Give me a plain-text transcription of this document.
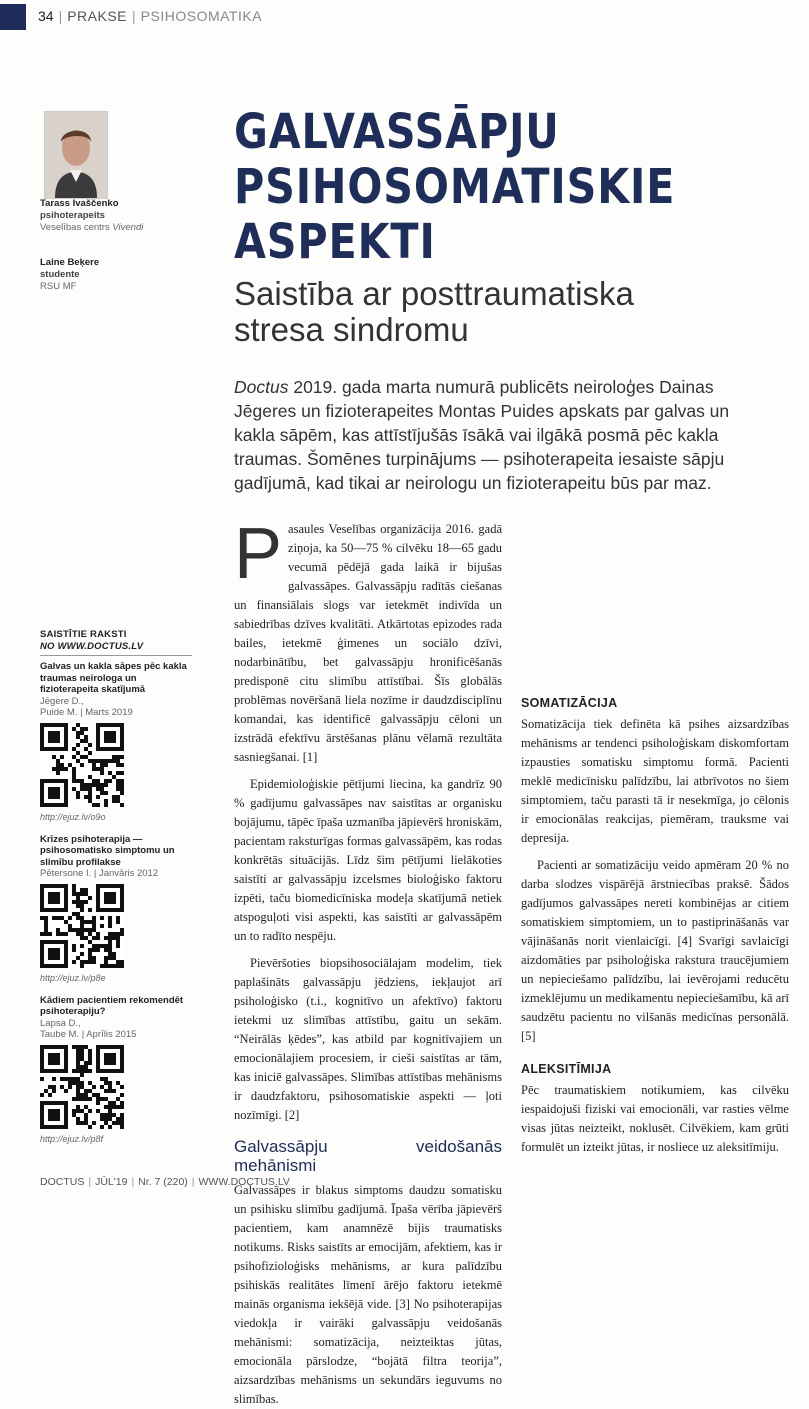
34 | PRAKSE | PSIHOSOMATIKA
Tarass Ivaščenko
psihoterapeits
Veselības centrs Vivendi
Laine Beķere
studente
RSU MF
GALVASSĀPJU
PSIHOSOMATISKIE
ASPEKTI
Saistība ar posttraumatiska
stresa sindromu
Doctus 2019. gada marta numurā publicēts neiroloģes Dainas Jēgeres un fizioterapeites Montas Puides apskats par galvas un kakla sāpēm, kas attīstījušās īsākā vai ilgākā posmā pēc kakla traumas. Šomēnes turpinājums — psihoterapeita iesaiste sāpju gadījumā, kad tikai ar neirologu un fizioterapeitu būs par maz.

Pasaules Veselības organizācija 2016. gadā ziņoja, ka 50—75 % cilvēku 18—65 gadu vecumā pēdējā gada laikā ir bijušas galvassāpes. Galvassāpju radītās ciešanas un finansiālais slogs var ietekmēt indivīda un sabiedrības dzīves kvalitāti. Atkārtotas epizodes rada bailes, ietekmē ģimenes un sociālo dzīvi, nodarbinātību, bet galvassāpju hronificēšanās predisponē citu slimību attīstībai. Šīs globālās problēmas novēršanā liela nozīme ir daudzdisciplīnu komandai, kas identificē galvassāpju cēloni un izstrādā efektīvu ārstēšanas plānu vēlamā rezultāta sasniegšanai. [1]

Epidemioloģiskie pētījumi liecina, ka gandrīz 90 % gadījumu galvassāpes nav saistītas ar organisku bojājumu, tāpēc īpaša uzmanība jāpievērš hroniskām, pacientam raksturīgas formas galvassāpēm, kas rodas konkrētās situācijās. Līdz šim pētījumi lielākoties saistīti ar galvassāpju izcelsmes bioloģisko faktoru izpēti, taču biomedicīniska modeļa skatījumā netiek atspoguļoti visi aspekti, kas saistīti ar galvassāpēm un to radīto nespēju.

Pievēršoties biopsihosociālajam modelim, tiek paplašināts galvassāpju jēdziens, iekļaujot arī psiholoģisko (t.i., kognitīvo un afektīvo) faktoru ietekmi uz slimības attīstību, gaitu un sekām. “Neirālās ķēdes”, kas atbild par kognitīvajiem un emocionālajiem procesiem, ir cieši saistītas ar tām, kas iniciē galvassāpes. Slimības attīstības mehānisms ir daudzfaktoru, psihosomatiskie aspekti — ļoti nozīmīgi. [2]

Galvassāpju veidošanās mehānismi

Galvassāpes ir blakus simptoms daudzu somatisku un psihisku slimību gadījumā. Īpaša vērība jāpievērš pacientiem, kam anamnēzē bijis traumatisks notikums. Risks saistīts ar emocijām, afektiem, kas ir psihofizioloģisks mehānisms, ar kura palīdzību psihiskās realitātes līmenī ārējo faktoru ietekmē mainās organisma iekšējā vide. [3] No psihoterapijas viedokļa ir vairāki galvassāpju veidošanās mehānismi: somatizācija, neizteiktas jūtas, emocionāla pārslodze, “bojātā filtra teorija”, aizsardzības mehānisms un sekundārs ieguvums no slimības.

SOMATIZĀCIJA

Somatizācija tiek definēta kā psihes aizsardzības mehānisms ar tendenci psiholoģiskam diskomfortam izpausties somatisku simptomu formā. Pacienti meklē medicīnisku palīdzību, lai atbrīvotos no šiem simptomiem, taču parasti tā ir nesekmīga, jo cēlonis ir emocionālas reakcijas, piemēram, trauksme vai depresija.

Pacienti ar somatizāciju veido apmēram 20 % no darba slodzes vispārējā ārstniecības praksē. Šādos gadījumos galvassāpes nereti kombinējas ar citiem somatiskiem simptomiem, un to pastiprināšanās var vājināšanās norit vienlaicīgi. [4] Svarīgi savlaicīgi aizdomāties par psiholoģiska rakstura traucējumiem un nepieciešamo palīdzību, lai ievērojami reducētu izmeklējumu un medikamentu nepieciešamību, kā arī saudzētu pacientu no vilšanās medicīnas personālā. [5]

ALEKSITĪMIJA

Pēc traumatiskiem notikumiem, kas cilvēku iespaidojuši fiziski vai emocionāli, var rasties vēlme visas jūtas neizteikt, noklusēt. Cilvēkiem, kam grūti formulēt un izteikt jūtas, ir nosliece uz aleksitīmiju.

SAISTĪTIE RAKSTI
NO WWW.DOCTUS.LV
Galvas un kakla sāpes pēc kakla traumas neirologa un fizioterapeita skatījumā
Jēgere D.,
Puide M. | Marts 2019
http://ejuz.lv/o9o
Krīzes psihoterapija — psihosomatisko simptomu un slimību profilakse
Pētersone I. | Janvāris 2012
http://ejuz.lv/p8e
Kādiem pacientiem rekomendēt psihoterapiju?
Lapsa D.,
Taube M. | Aprīlis 2015
http://ejuz.lv/p8f
DOCTUS | JŪL'19 | Nr. 7 (220) | WWW.DOCTUS.LV
